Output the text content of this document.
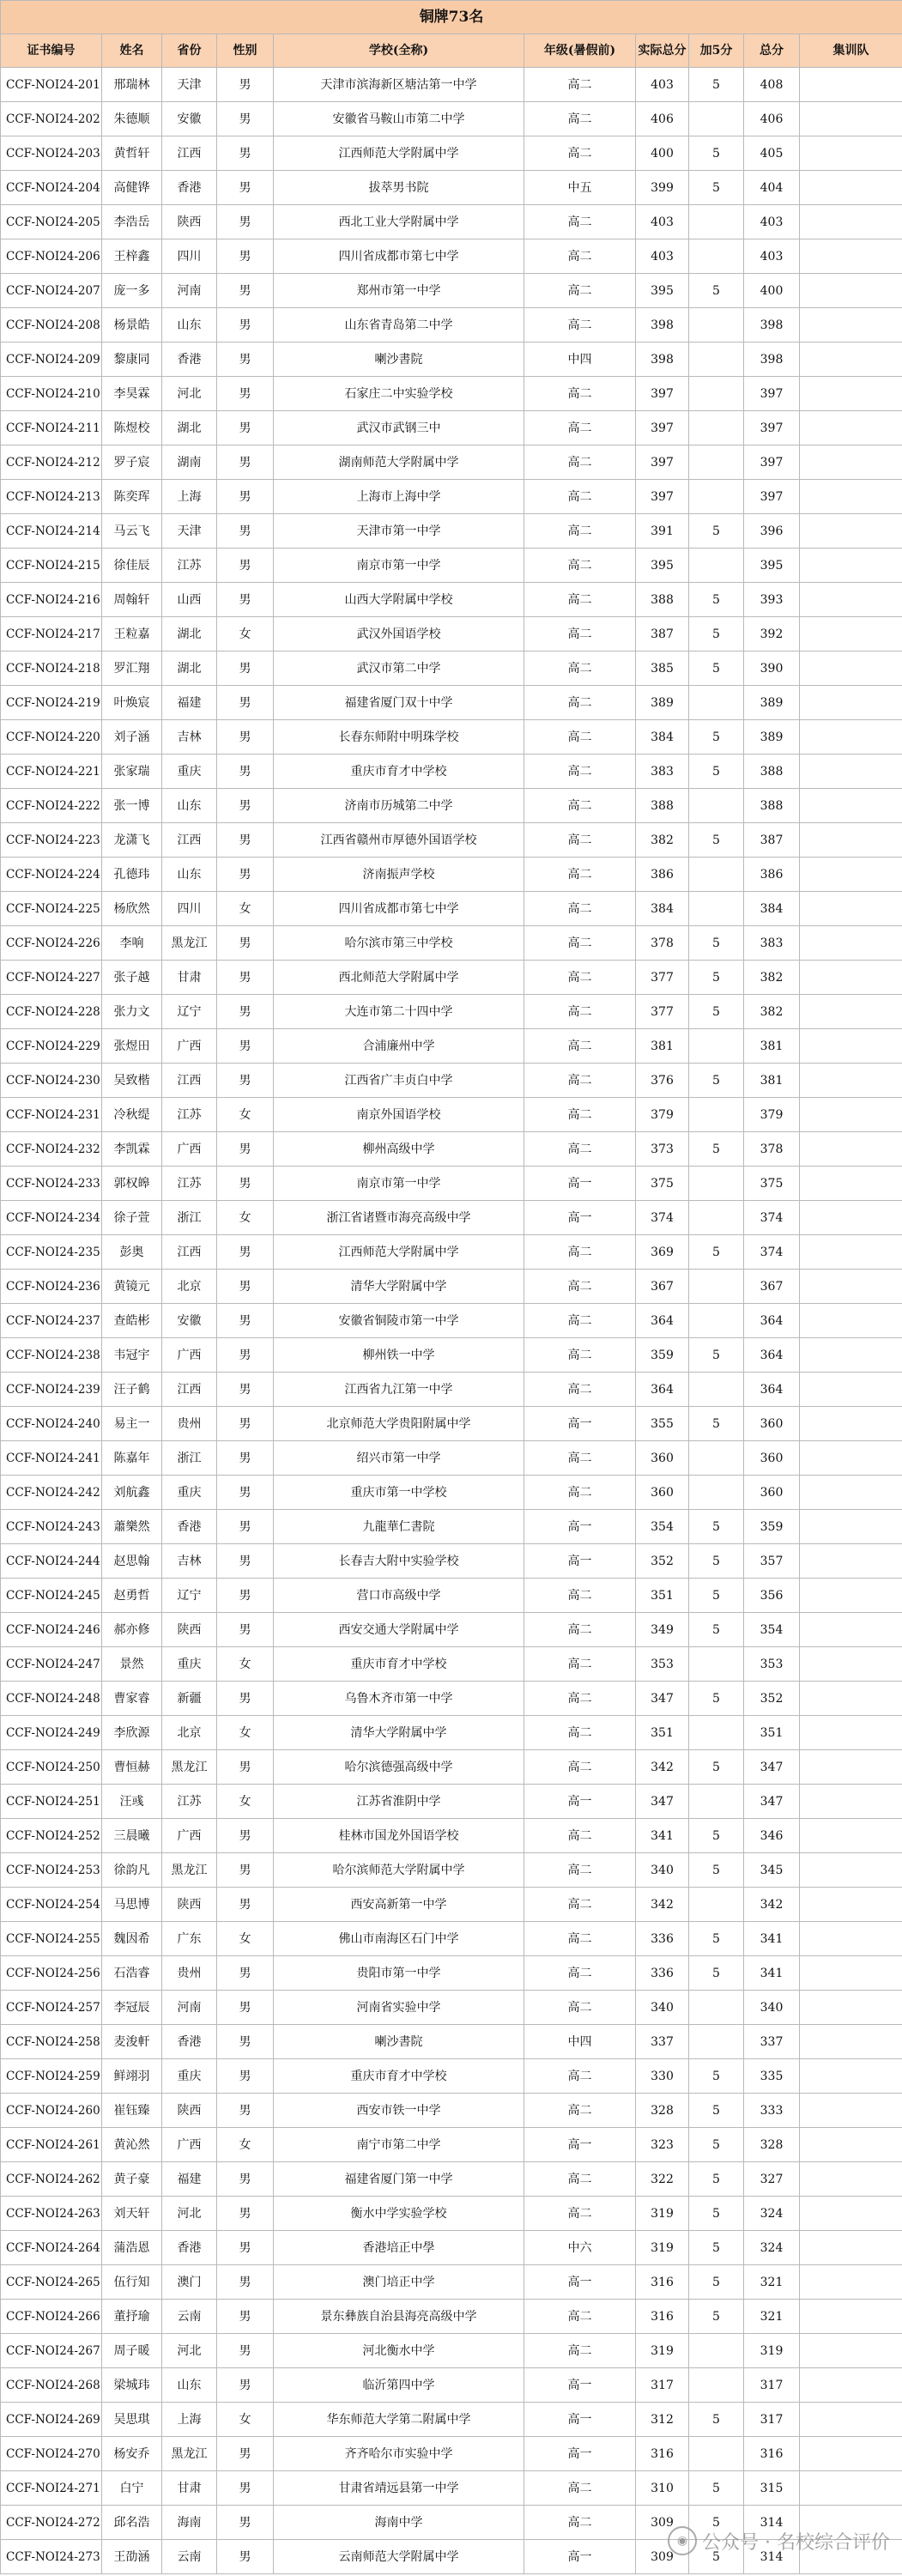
铜牌73名									
证书编号	姓名	省份	性别	学校(全称)	年级(暑假前)	实际总分	加5分	总分	集训队
CCF-NOI24-201	邢瑞林	天津	男	天津市滨海新区塘沽第一中学	高二	403	5	408	
CCF-NOI24-202	朱德顺	安徽	男	安徽省马鞍山市第二中学	高二	406		406	
CCF-NOI24-203	黄哲轩	江西	男	江西师范大学附属中学	高二	400	5	405	
CCF-NOI24-204	高健铧	香港	男	拔萃男书院	中五	399	5	404	
CCF-NOI24-205	李浩岳	陕西	男	西北工业大学附属中学	高二	403		403	
CCF-NOI24-206	王梓鑫	四川	男	四川省成都市第七中学	高二	403		403	
CCF-NOI24-207	庞一多	河南	男	郑州市第一中学	高二	395	5	400	
CCF-NOI24-208	杨景皓	山东	男	山东省青岛第二中学	高二	398		398	
CCF-NOI24-209	黎康同	香港	男	喇沙書院	中四	398		398	
CCF-NOI24-210	李昊霖	河北	男	石家庄二中实验学校	高二	397		397	
CCF-NOI24-211	陈煜校	湖北	男	武汉市武钢三中	高二	397		397	
CCF-NOI24-212	罗子宸	湖南	男	湖南师范大学附属中学	高二	397		397	
CCF-NOI24-213	陈奕珲	上海	男	上海市上海中学	高二	397		397	
CCF-NOI24-214	马云飞	天津	男	天津市第一中学	高二	391	5	396	
CCF-NOI24-215	徐佳辰	江苏	男	南京市第一中学	高二	395		395	
CCF-NOI24-216	周翰轩	山西	男	山西大学附属中学校	高二	388	5	393	
CCF-NOI24-217	王粒嘉	湖北	女	武汉外国语学校	高二	387	5	392	
CCF-NOI24-218	罗汇翔	湖北	男	武汉市第二中学	高二	385	5	390	
CCF-NOI24-219	叶焕宸	福建	男	福建省厦门双十中学	高二	389		389	
CCF-NOI24-220	刘子涵	吉林	男	长春东师附中明珠学校	高二	384	5	389	
CCF-NOI24-221	张家瑞	重庆	男	重庆市育才中学校	高二	383	5	388	
CCF-NOI24-222	张一博	山东	男	济南市历城第二中学	高二	388		388	
CCF-NOI24-223	龙潇飞	江西	男	江西省赣州市厚德外国语学校	高二	382	5	387	
CCF-NOI24-224	孔德玮	山东	男	济南振声学校	高二	386		386	
CCF-NOI24-225	杨欣然	四川	女	四川省成都市第七中学	高二	384		384	
CCF-NOI24-226	李响	黑龙江	男	哈尔滨市第三中学校	高二	378	5	383	
CCF-NOI24-227	张子越	甘肃	男	西北师范大学附属中学	高二	377	5	382	
CCF-NOI24-228	张力文	辽宁	男	大连市第二十四中学	高二	377	5	382	
CCF-NOI24-229	张煜田	广西	男	合浦廉州中学	高二	381		381	
CCF-NOI24-230	吴致楷	江西	男	江西省广丰贞白中学	高二	376	5	381	
CCF-NOI24-231	冷秋缇	江苏	女	南京外国语学校	高二	379		379	
CCF-NOI24-232	李凯霖	广西	男	柳州高级中学	高二	373	5	378	
CCF-NOI24-233	郭权皞	江苏	男	南京市第一中学	高一	375		375	
CCF-NOI24-234	徐子萱	浙江	女	浙江省诸暨市海亮高级中学	高一	374		374	
CCF-NOI24-235	彭奥	江西	男	江西师范大学附属中学	高二	369	5	374	
CCF-NOI24-236	黄镜元	北京	男	清华大学附属中学	高二	367		367	
CCF-NOI24-237	查皓彬	安徽	男	安徽省铜陵市第一中学	高二	364		364	
CCF-NOI24-238	韦冠宇	广西	男	柳州铁一中学	高二	359	5	364	
CCF-NOI24-239	汪子鹤	江西	男	江西省九江第一中学	高二	364		364	
CCF-NOI24-240	易主一	贵州	男	北京师范大学贵阳附属中学	高一	355	5	360	
CCF-NOI24-241	陈嘉年	浙江	男	绍兴市第一中学	高二	360		360	
CCF-NOI24-242	刘航鑫	重庆	男	重庆市第一中学校	高二	360		360	
CCF-NOI24-243	蕭樂然	香港	男	九龍華仁書院	高一	354	5	359	
CCF-NOI24-244	赵思翰	吉林	男	长春吉大附中实验学校	高一	352	5	357	
CCF-NOI24-245	赵勇哲	辽宁	男	营口市高级中学	高二	351	5	356	
CCF-NOI24-246	郝亦修	陕西	男	西安交通大学附属中学	高二	349	5	354	
CCF-NOI24-247	景然	重庆	女	重庆市育才中学校	高二	353		353	
CCF-NOI24-248	曹家睿	新疆	男	乌鲁木齐市第一中学	高二	347	5	352	
CCF-NOI24-249	李欣源	北京	女	清华大学附属中学	高二	351		351	
CCF-NOI24-250	曹恒赫	黑龙江	男	哈尔滨德强高级中学	高二	342	5	347	
CCF-NOI24-251	汪彧	江苏	女	江苏省淮阴中学	高一	347		347	
CCF-NOI24-252	三晨曦	广西	男	桂林市国龙外国语学校	高二	341	5	346	
CCF-NOI24-253	徐韵凡	黑龙江	男	哈尔滨师范大学附属中学	高二	340	5	345	
CCF-NOI24-254	马思博	陕西	男	西安高新第一中学	高二	342		342	
CCF-NOI24-255	魏因希	广东	女	佛山市南海区石门中学	高二	336	5	341	
CCF-NOI24-256	石浩睿	贵州	男	贵阳市第一中学	高二	336	5	341	
CCF-NOI24-257	李冠辰	河南	男	河南省实验中学	高二	340		340	
CCF-NOI24-258	麦浚軒	香港	男	喇沙書院	中四	337		337	
CCF-NOI24-259	鲜翊羽	重庆	男	重庆市育才中学校	高二	330	5	335	
CCF-NOI24-260	崔钰臻	陕西	男	西安市铁一中学	高二	328	5	333	
CCF-NOI24-261	黄沁然	广西	女	南宁市第二中学	高一	323	5	328	
CCF-NOI24-262	黄子豪	福建	男	福建省厦门第一中学	高二	322	5	327	
CCF-NOI24-263	刘天轩	河北	男	衡水中学实验学校	高二	319	5	324	
CCF-NOI24-264	蒲浩恩	香港	男	香港培正中學	中六	319	5	324	
CCF-NOI24-265	伍行知	澳门	男	澳门培正中学	高一	316	5	321	
CCF-NOI24-266	董抒瑜	云南	男	景东彝族自治县海亮高级中学	高二	316	5	321	
CCF-NOI24-267	周子暖	河北	男	河北衡水中学	高二	319		319	
CCF-NOI24-268	梁城玮	山东	男	临沂第四中学	高一	317		317	
CCF-NOI24-269	吴思琪	上海	女	华东师范大学第二附属中学	高一	312	5	317	
CCF-NOI24-270	杨安乔	黑龙江	男	齐齐哈尔市实验中学	高一	316		316	
CCF-NOI24-271	白宁	甘肃	男	甘肃省靖远县第一中学	高二	310	5	315	
CCF-NOI24-272	邱名浩	海南	男	海南中学	高二	309	5	314	
CCF-NOI24-273	王劭涵	云南	男	云南师范大学附属中学	高一	309	5	314	
◉ 公众号 · 名校综合评价
